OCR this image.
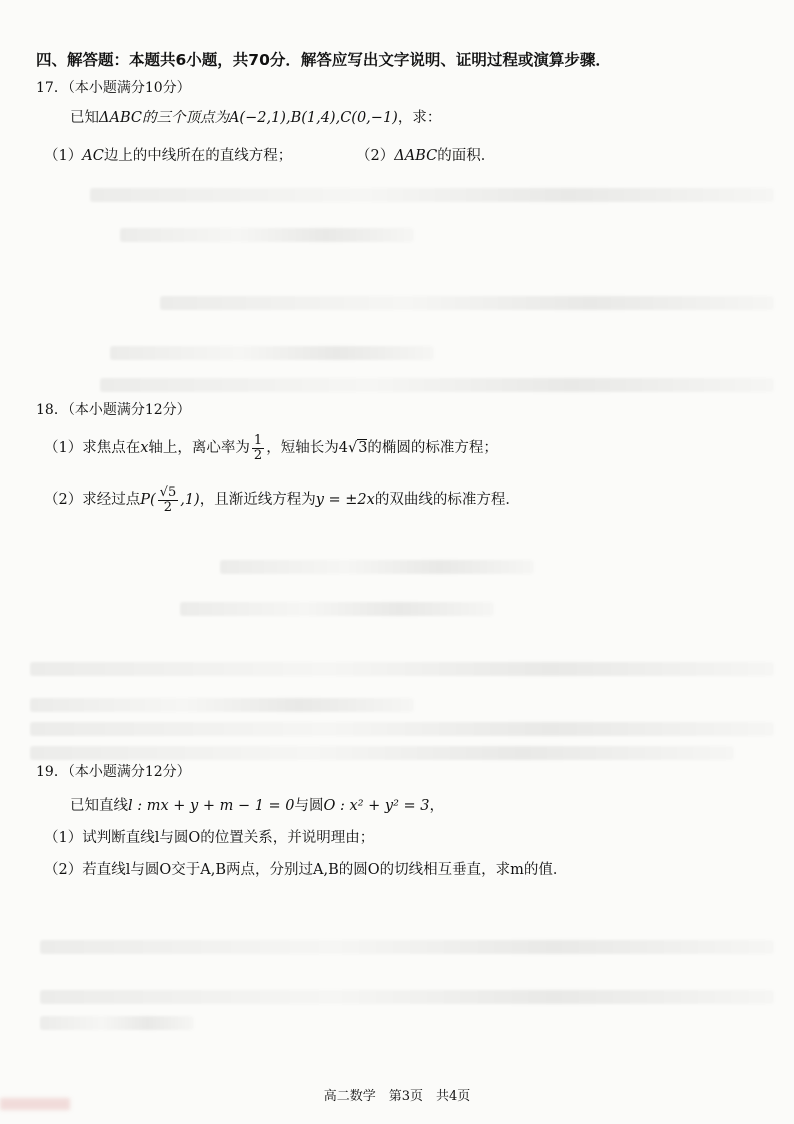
四、解答题：本题共6小题，共70分．解答应写出文字说明、证明过程或演算步骤．
17．（本小题满分10分）
已知ΔABC的三个顶点为A(−2,1),B(1,4),C(0,−1)，求：
（1）AC边上的中线所在的直线方程；	（2）ΔABC的面积．
18．（本小题满分12分）
（1）求焦点在x轴上，离心率为 $\frac{1}{2}$ ，短轴长为4√3的椭圆的标准方程；
（2）求经过点$P( \frac{√5}{2} ,1)$，且渐近线方程为y = ±2x的双曲线的标准方程．
19．（本小题满分12分）
已知直线l : mx + y + m − 1 = 0与圆O : x² + y² = 3，
（1）试判断直线l与圆O的位置关系，并说明理由；
（2）若直线l与圆O交于A,B两点，分别过A,B的圆O的切线相互垂直，求m的值．
高二数学　第3页　共4页
